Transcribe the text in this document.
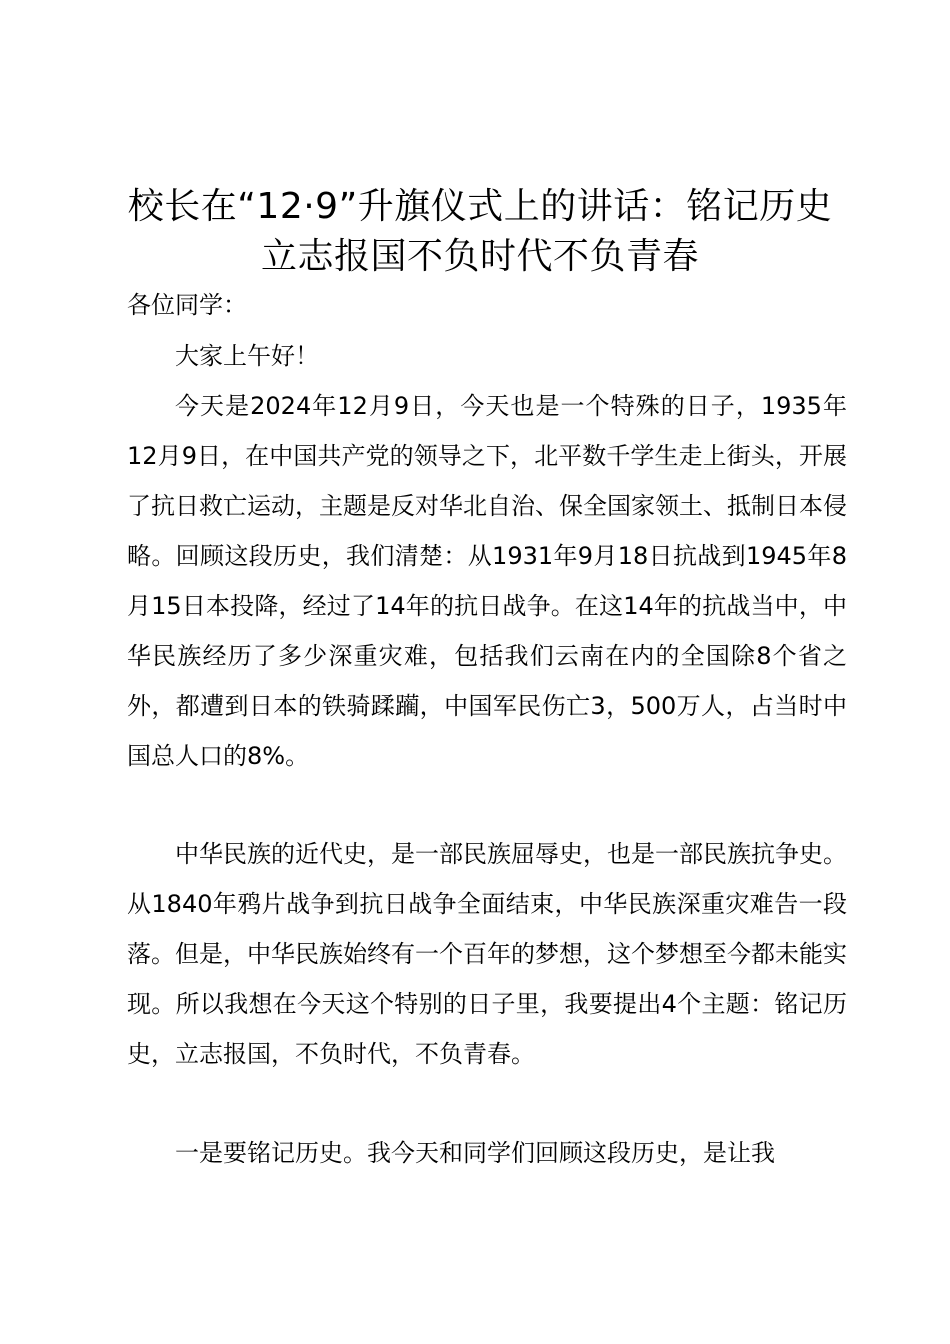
校长在“12·9”升旗仪式上的讲话：铭记历史
立志报国不负时代不负青春

各位同学：

大家上午好！

今天是2024年12月9日，今天也是一个特殊的日子，1935年12月9日，在中国共产党的领导之下，北平数千学生走上街头，开展了抗日救亡运动，主题是反对华北自治、保全国家领土、抵制日本侵略。回顾这段历史，我们清楚：从1931年9月18日抗战到1945年8月15日本投降，经过了14年的抗日战争。在这14年的抗战当中，中华民族经历了多少深重灾难，包括我们云南在内的全国除8个省之外，都遭到日本的铁骑蹂躏，中国军民伤亡3，500万人，占当时中国总人口的8%。

中华民族的近代史，是一部民族屈辱史，也是一部民族抗争史。从1840年鸦片战争到抗日战争全面结束，中华民族深重灾难告一段落。但是，中华民族始终有一个百年的梦想，这个梦想至今都未能实现。所以我想在今天这个特别的日子里，我要提出4个主题：铭记历史，立志报国，不负时代，不负青春。

一是要铭记历史。我今天和同学们回顾这段历史，是让我
